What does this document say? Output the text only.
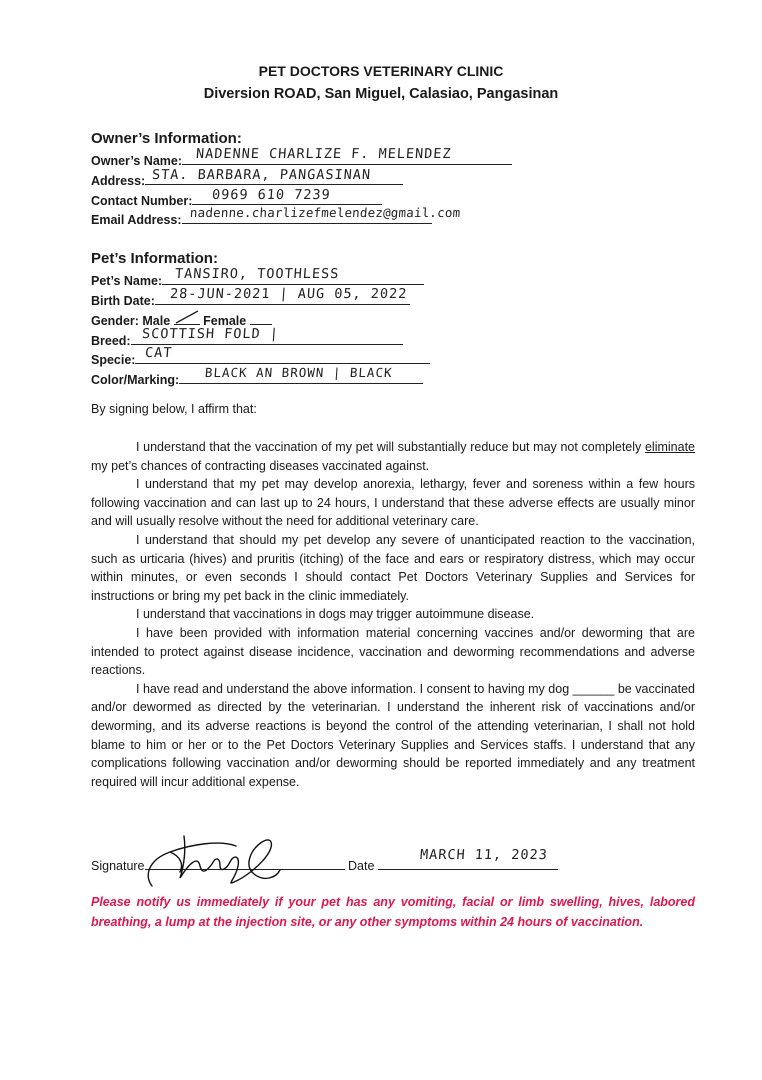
PET DOCTORS VETERINARY CLINIC
Diversion ROAD, San Miguel, Calasiao, Pangasinan
Owner’s Information:
Owner’s Name: NADENNE CHARLIZE F. MELENDEZ
Address: STA. BARBARA, PANGASINAN
Contact Number:	0969 610 7239
Email Address: nadenne.charlizefmelendez@gmail.com
Pet’s Information:
Pet’s Name: TANSIRO, TOOTHLESS
Birth Date:	28-JUN-2021 | AUG 05, 2022
Gender: Male	Female
Breed: SCOTTISH FOLD |
Specie: CAT
Color/Marking:	BLACK AN BROWN | BLACK
By signing below, I affirm that:

I understand that the vaccination of my pet will substantially reduce but may not completely eliminate my pet’s chances of contracting diseases vaccinated against.

I understand that my pet may develop anorexia, lethargy, fever and soreness within a few hours following vaccination and can last up to 24 hours, I understand that these adverse effects are usually minor and will usually resolve without the need for additional veterinary care.

I understand that should my pet develop any severe of unanticipated reaction to the vaccination, such as urticaria (hives) and pruritis (itching) of the face and ears or respiratory distress, which may occur within minutes, or even seconds I should contact Pet Doctors Veterinary Supplies and Services for instructions or bring my pet back in the clinic immediately.

I understand that vaccinations in dogs may trigger autoimmune disease.

I have been provided with information material concerning vaccines and/or deworming that are intended to protect against disease incidence, vaccination and deworming recommendations and adverse reactions.

I have read and understand the above information. I consent to having my dog ______ be vaccinated and/or dewormed as directed by the veterinarian. I understand the inherent risk of vaccinations and/or deworming, and its adverse reactions is beyond the control of the attending veterinarian, I shall not hold blame to him or her or to the Pet Doctors Veterinary Supplies and Services staffs. I understand that any complications following vaccination and/or deworming should be reported immediately and any treatment required will incur additional expense.

Signature	Date
MARCH 11, 2023
Please notify us immediately if your pet has any vomiting, facial or limb swelling, hives, labored breathing, a lump at the injection site, or any other symptoms within 24 hours of vaccination.
